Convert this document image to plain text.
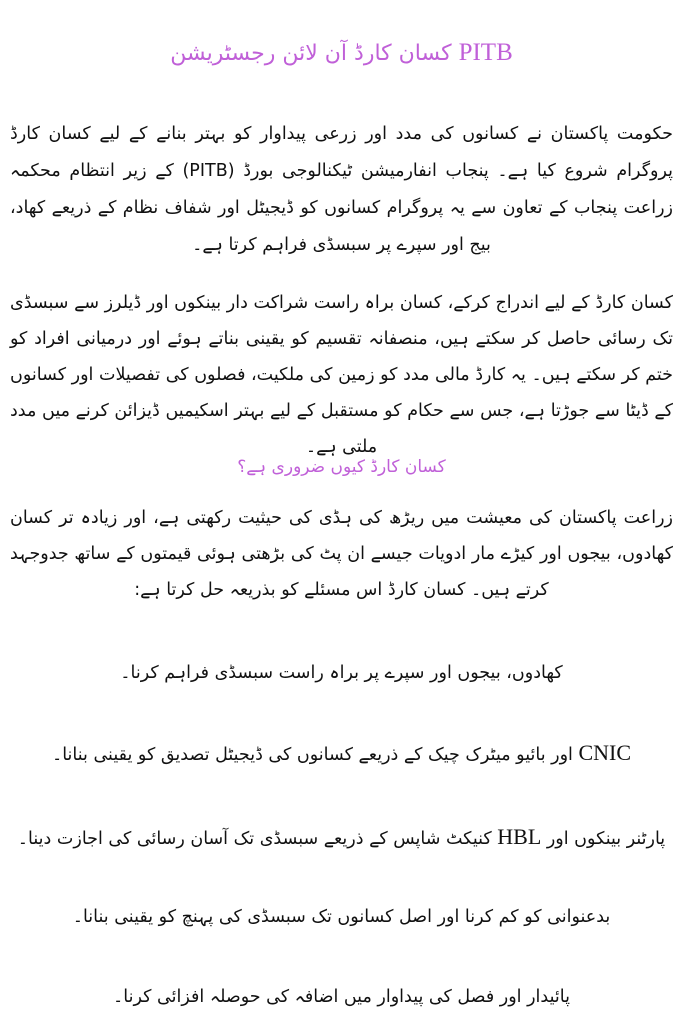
PITB کسان کارڈ آن لائن رجسٹریشن

حکومت پاکستان نے کسانوں کی مدد اور زرعی پیداوار کو بہتر بنانے کے لیے کسان کارڈ پروگرام شروع کیا ہے۔ پنجاب انفارمیشن ٹیکنالوجی بورڈ (PITB) کے زیر انتظام محکمہ زراعت پنجاب کے تعاون سے یہ پروگرام کسانوں کو ڈیجیٹل اور شفاف نظام کے ذریعے کھاد، بیج اور سپرے پر سبسڈی فراہم کرتا ہے۔

کسان کارڈ کے لیے اندراج کرکے، کسان براہ راست شراکت دار بینکوں اور ڈیلرز سے سبسڈی تک رسائی حاصل کر سکتے ہیں، منصفانہ تقسیم کو یقینی بناتے ہوئے اور درمیانی افراد کو ختم کر سکتے ہیں۔ یہ کارڈ مالی مدد کو زمین کی ملکیت، فصلوں کی تفصیلات اور کسانوں کے ڈیٹا سے جوڑتا ہے، جس سے حکام کو مستقبل کے لیے بہتر اسکیمیں ڈیزائن کرنے میں مدد ملتی ہے۔

کسان کارڈ کیوں ضروری ہے؟

زراعت پاکستان کی معیشت میں ریڑھ کی ہڈی کی حیثیت رکھتی ہے، اور زیادہ تر کسان کھادوں، بیجوں اور کیڑے مار ادویات جیسے ان پٹ کی بڑھتی ہوئی قیمتوں کے ساتھ جدوجہد کرتے ہیں۔ کسان کارڈ اس مسئلے کو بذریعہ حل کرتا ہے:

کھادوں، بیجوں اور سپرے پر براہ راست سبسڈی فراہم کرنا۔
CNIC اور بائیو میٹرک چیک کے ذریعے کسانوں کی ڈیجیٹل تصدیق کو یقینی بنانا۔
پارٹنر بینکوں اور HBL کنیکٹ شاپس کے ذریعے سبسڈی تک آسان رسائی کی اجازت دینا۔
بدعنوانی کو کم کرنا اور اصل کسانوں تک سبسڈی کی پہنچ کو یقینی بنانا۔
پائیدار اور فصل کی پیداوار میں اضافہ کی حوصلہ افزائی کرنا۔
